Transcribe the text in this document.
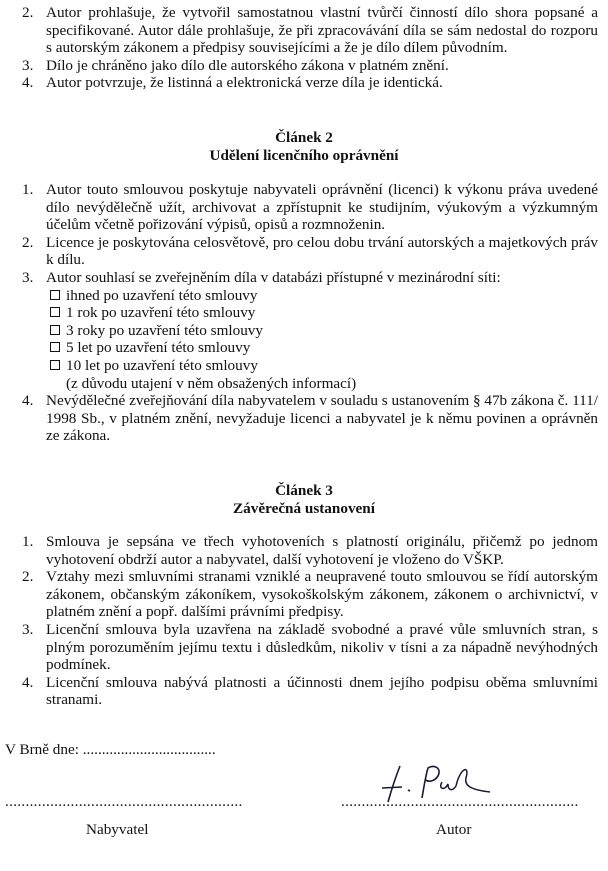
2. Autor prohlašuje, že vytvořil samostatnou vlastní tvůrčí činností dílo shora popsané a specifikované. Autor dále prohlašuje, že při zpracovávání díla se sám nedostal do rozporu s autorským zákonem a předpisy souvisejícími a že je dílo dílem původním.
3. Dílo je chráněno jako dílo dle autorského zákona v platném znění.
4. Autor potvrzuje, že listinná a elektronická verze díla je identická.
Článek 2
Udělení licenčního oprávnění
1. Autor touto smlouvou poskytuje nabyvateli oprávnění (licenci) k výkonu práva uvedené dílo nevýdělečně užít, archivovat a zpřístupnit ke studijním, výukovým a výzkumným účelům včetně pořizování výpisů, opisů a rozmnoženin.
2. Licence je poskytována celosvětově, pro celou dobu trvání autorských a majetkových práv k dílu.
3. Autor souhlasí se zveřejněním díla v databázi přístupné v mezinárodní síti:
ihned po uzavření této smlouvy
1 rok po uzavření této smlouvy
3 roky po uzavření této smlouvy
5 let po uzavření této smlouvy
10 let po uzavření této smlouvy
(z důvodu utajení v něm obsažených informací)
4. Nevýdělečné zveřejňování díla nabyvatelem v souladu s ustanovením § 47b zákona č. 111/ 1998 Sb., v platném znění, nevyžaduje licenci a nabyvatel je k němu povinen a oprávněn ze zákona.
Článek 3
Závěrečná ustanovení
1. Smlouva je sepsána ve třech vyhotoveních s platností originálu, přičemž po jednom vyhotovení obdrží autor a nabyvatel, další vyhotovení je vloženo do VŠKP.
2. Vztahy mezi smluvními stranami vzniklé a neupravené touto smlouvou se řídí autorským zákonem, občanským zákoníkem, vysokoškolským zákonem, zákonem o archivnictví, v platném znění a popř. dalšími právními předpisy.
3. Licenční smlouva byla uzavřena na základě svobodné a pravé vůle smluvních stran, s plným porozuměním jejímu textu i důsledkům, nikoliv v tísni a za nápadně nevýhodných podmínek.
4. Licenční smlouva nabývá platnosti a účinnosti dnem jejího podpisu oběma smluvními stranami.
V Brně dne: ...................................
..........................................................	..........................................................
Nabyvatel	Autor
